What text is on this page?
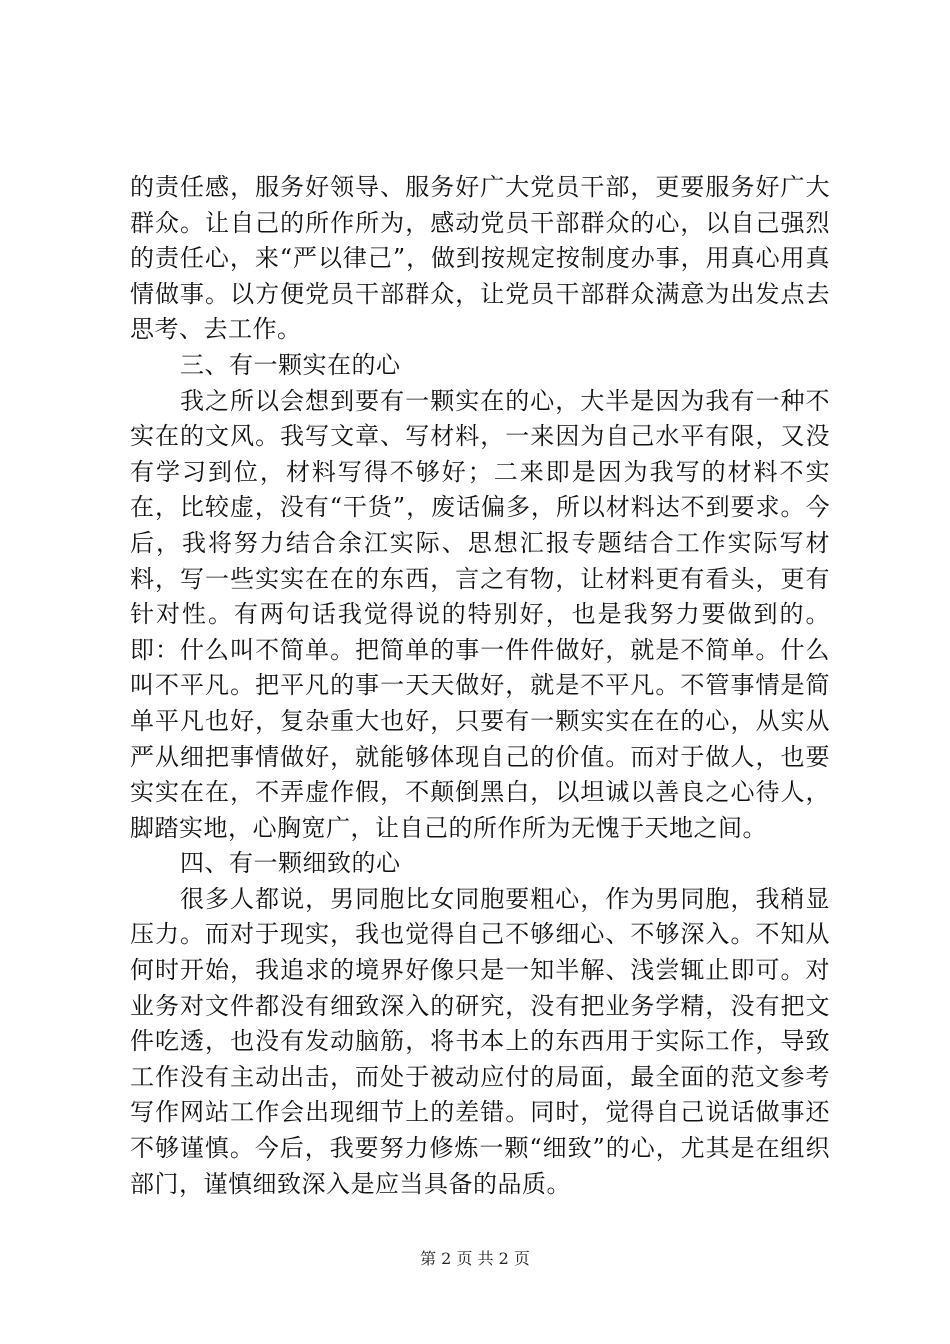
的责任感，服务好领导、服务好广大党员干部，更要服务好广大群众。让自己的所作所为，感动党员干部群众的心，以自己强烈的责任心，来“严以律己”，做到按规定按制度办事，用真心用真情做事。以方便党员干部群众，让党员干部群众满意为出发点去思考、去工作。

三、有一颗实在的心

我之所以会想到要有一颗实在的心，大半是因为我有一种不实在的文风。我写文章、写材料，一来因为自己水平有限，又没有学习到位，材料写得不够好；二来即是因为我写的材料不实在，比较虚，没有“干货”，废话偏多，所以材料达不到要求。今后，我将努力结合余江实际、思想汇报专题结合工作实际写材料，写一些实实在在的东西，言之有物，让材料更有看头，更有针对性。有两句话我觉得说的特别好，也是我努力要做到的。即：什么叫不简单。把简单的事一件件做好，就是不简单。什么叫不平凡。把平凡的事一天天做好，就是不平凡。不管事情是简单平凡也好，复杂重大也好，只要有一颗实实在在的心，从实从严从细把事情做好，就能够体现自己的价值。而对于做人，也要实实在在，不弄虚作假，不颠倒黑白，以坦诚以善良之心待人，脚踏实地，心胸宽广，让自己的所作所为无愧于天地之间。

四、有一颗细致的心

很多人都说，男同胞比女同胞要粗心，作为男同胞，我稍显压力。而对于现实，我也觉得自己不够细心、不够深入。不知从何时开始，我追求的境界好像只是一知半解、浅尝辄止即可。对业务对文件都没有细致深入的研究，没有把业务学精，没有把文件吃透，也没有发动脑筋，将书本上的东西用于实际工作，导致工作没有主动出击，而处于被动应付的局面，最全面的范文参考写作网站工作会出现细节上的差错。同时，觉得自己说话做事还不够谨慎。今后，我要努力修炼一颗“细致”的心，尤其是在组织部门，谨慎细致深入是应当具备的品质。

第 2 页 共 2 页
